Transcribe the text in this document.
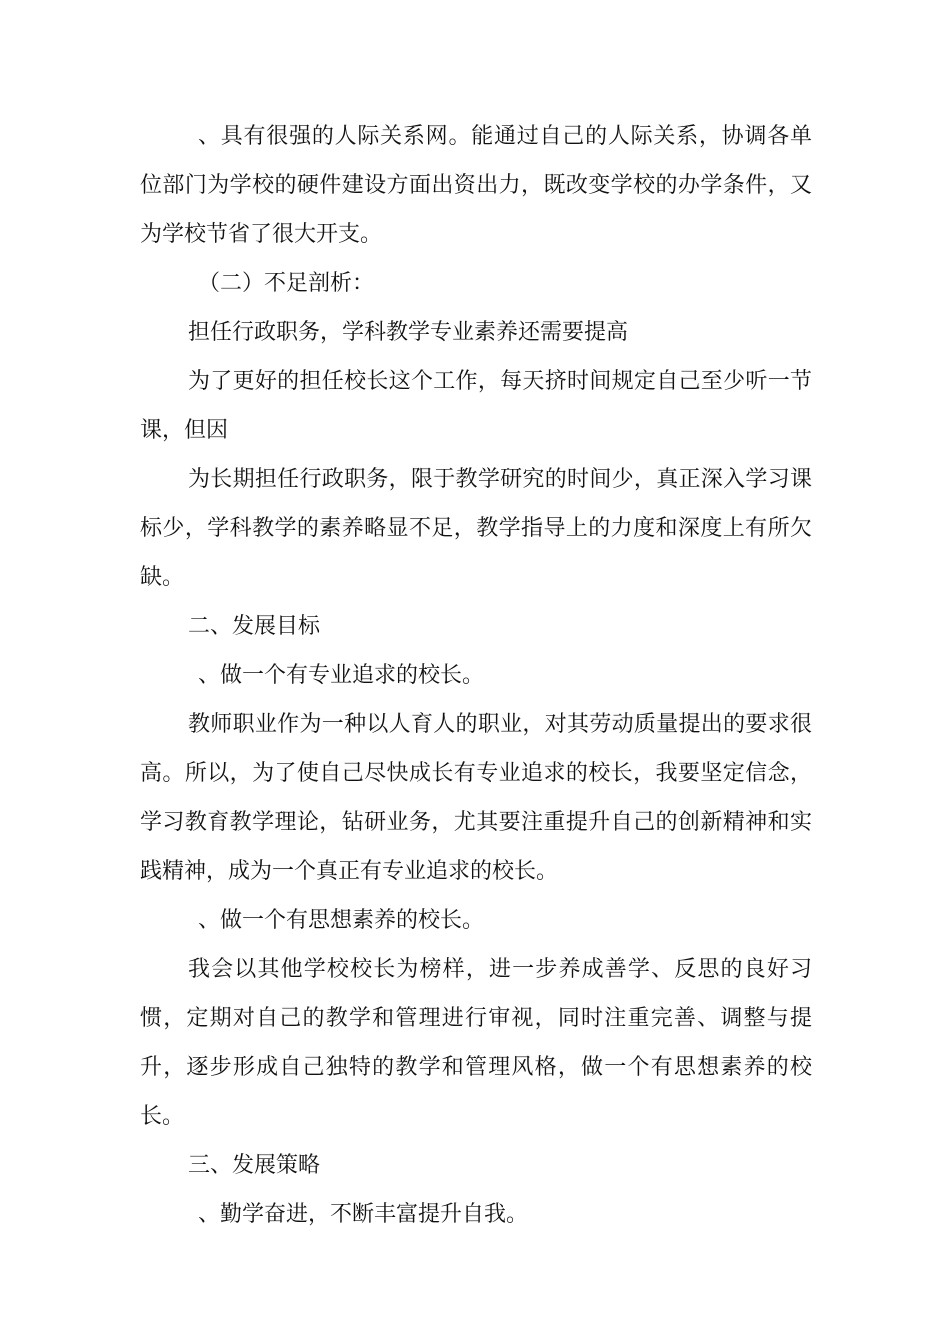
、具有很强的人际关系网。能通过自己的人际关系，协调各单位部门为学校的硬件建设方面出资出力，既改变学校的办学条件，又为学校节省了很大开支。

（二）不足剖析：

担任行政职务，学科教学专业素养还需要提高

为了更好的担任校长这个工作，每天挤时间规定自己至少听一节课，但因

为长期担任行政职务，限于教学研究的时间少，真正深入学习课标少，学科教学的素养略显不足，教学指导上的力度和深度上有所欠缺。

二、发展目标

、做一个有专业追求的校长。

教师职业作为一种以人育人的职业，对其劳动质量提出的要求很高。所以，为了使自己尽快成长有专业追求的校长，我要坚定信念，学习教育教学理论，钻研业务，尤其要注重提升自己的创新精神和实践精神，成为一个真正有专业追求的校长。

、做一个有思想素养的校长。

我会以其他学校校长为榜样，进一步养成善学、反思的良好习惯，定期对自己的教学和管理进行审视，同时注重完善、调整与提升，逐步形成自己独特的教学和管理风格，做一个有思想素养的校长。

三、发展策略

、勤学奋进，不断丰富提升自我。
